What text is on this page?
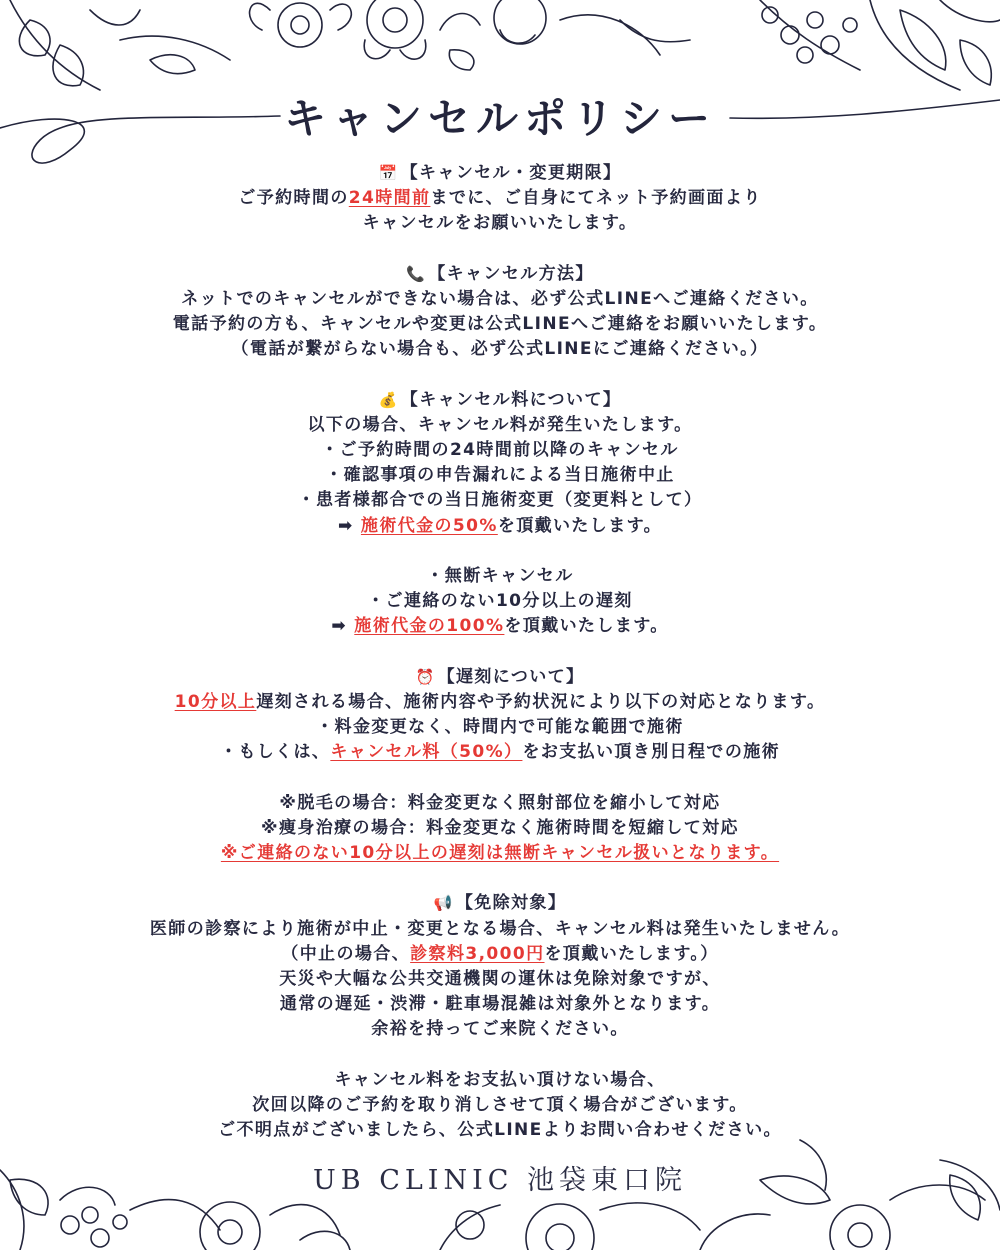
キャンセルポリシー
📅 【キャンセル・変更期限】
ご予約時間の24時間前までに、ご自身にてネット予約画面より
キャンセルをお願いいたします。
📞 【キャンセル方法】
ネットでのキャンセルができない場合は、必ず公式LINEへご連絡ください。
電話予約の方も、キャンセルや変更は公式LINEへご連絡をお願いいたします。
（電話が繋がらない場合も、必ず公式LINEにご連絡ください。）
💰 【キャンセル料について】
以下の場合、キャンセル料が発生いたします。
・ご予約時間の24時間前以降のキャンセル
・確認事項の申告漏れによる当日施術中止
・患者様都合での当日施術変更（変更料として）
➡ 施術代金の50%を頂戴いたします。
・無断キャンセル
・ご連絡のない10分以上の遅刻
➡ 施術代金の100%を頂戴いたします。
⏰ 【遅刻について】
10分以上遅刻される場合、施術内容や予約状況により以下の対応となります。
・料金変更なく、時間内で可能な範囲で施術
・もしくは、キャンセル料（50%）をお支払い頂き別日程での施術
※脱毛の場合：料金変更なく照射部位を縮小して対応
※痩身治療の場合：料金変更なく施術時間を短縮して対応
※ご連絡のない10分以上の遅刻は無断キャンセル扱いとなります。
📢 【免除対象】
医師の診察により施術が中止・変更となる場合、キャンセル料は発生いたしません。
（中止の場合、診察料3,000円を頂戴いたします。）
天災や大幅な公共交通機関の運休は免除対象ですが、
通常の遅延・渋滞・駐車場混雑は対象外となります。
余裕を持ってご来院ください。
キャンセル料をお支払い頂けない場合、
次回以降のご予約を取り消しさせて頂く場合がございます。
ご不明点がございましたら、公式LINEよりお問い合わせください。
UB CLINIC 池袋東口院
